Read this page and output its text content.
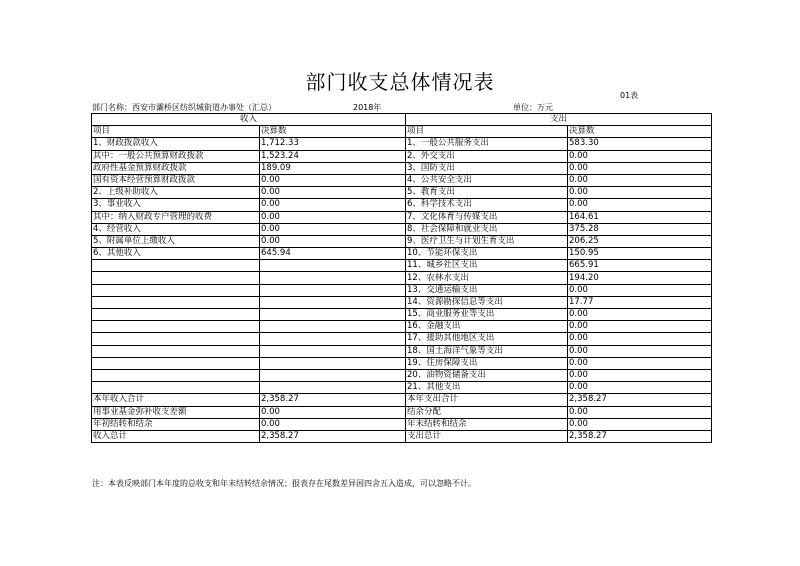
部门收支总体情况表
01表
部门名称：西安市灞桥区纺织城街道办事处（汇总）	2018年	单位：万元
收入		支出	
项目	决算数	项目	决算数
1、财政拨款收入	1,712.33	1、一般公共服务支出	583.30
其中：一般公共预算财政拨款	1,523.24	2、外交支出	0.00
政府性基金预算财政拨款	189.09	3、国防支出	0.00
国有资本经营预算财政拨款	0.00	4、公共安全支出	0.00
2、上级补助收入	0.00	5、教育支出	0.00
3、事业收入	0.00	6、科学技术支出	0.00
其中：纳入财政专户管理的收费	0.00	7、文化体育与传媒支出	164.61
4、经营收入	0.00	8、社会保障和就业支出	375.28
5、附属单位上缴收入	0.00	9、医疗卫生与计划生育支出	206.25
6、其他收入	645.94	10、节能环保支出	150.95
		11、城乡社区支出	665.91
		12、农林水支出	194.20
		13、交通运输支出	0.00
		14、资源勘探信息等支出	17.77
		15、商业服务业等支出	0.00
		16、金融支出	0.00
		17、援助其他地区支出	0.00
		18、国土海洋气象等支出	0.00
		19、住房保障支出	0.00
		20、油物资储备支出	0.00
		21、其他支出	0.00
本年收入合计	2,358.27	本年支出合计	2,358.27
用事业基金弥补收支差额	0.00	结余分配	0.00
年初结转和结余	0.00	年末结转和结余	0.00
收入总计	2,358.27	支出总计	2,358.27
注：本表反映部门本年度的总收支和年末结转结余情况；报表存在尾数差异因四舍五入造成，可以忽略不计。
